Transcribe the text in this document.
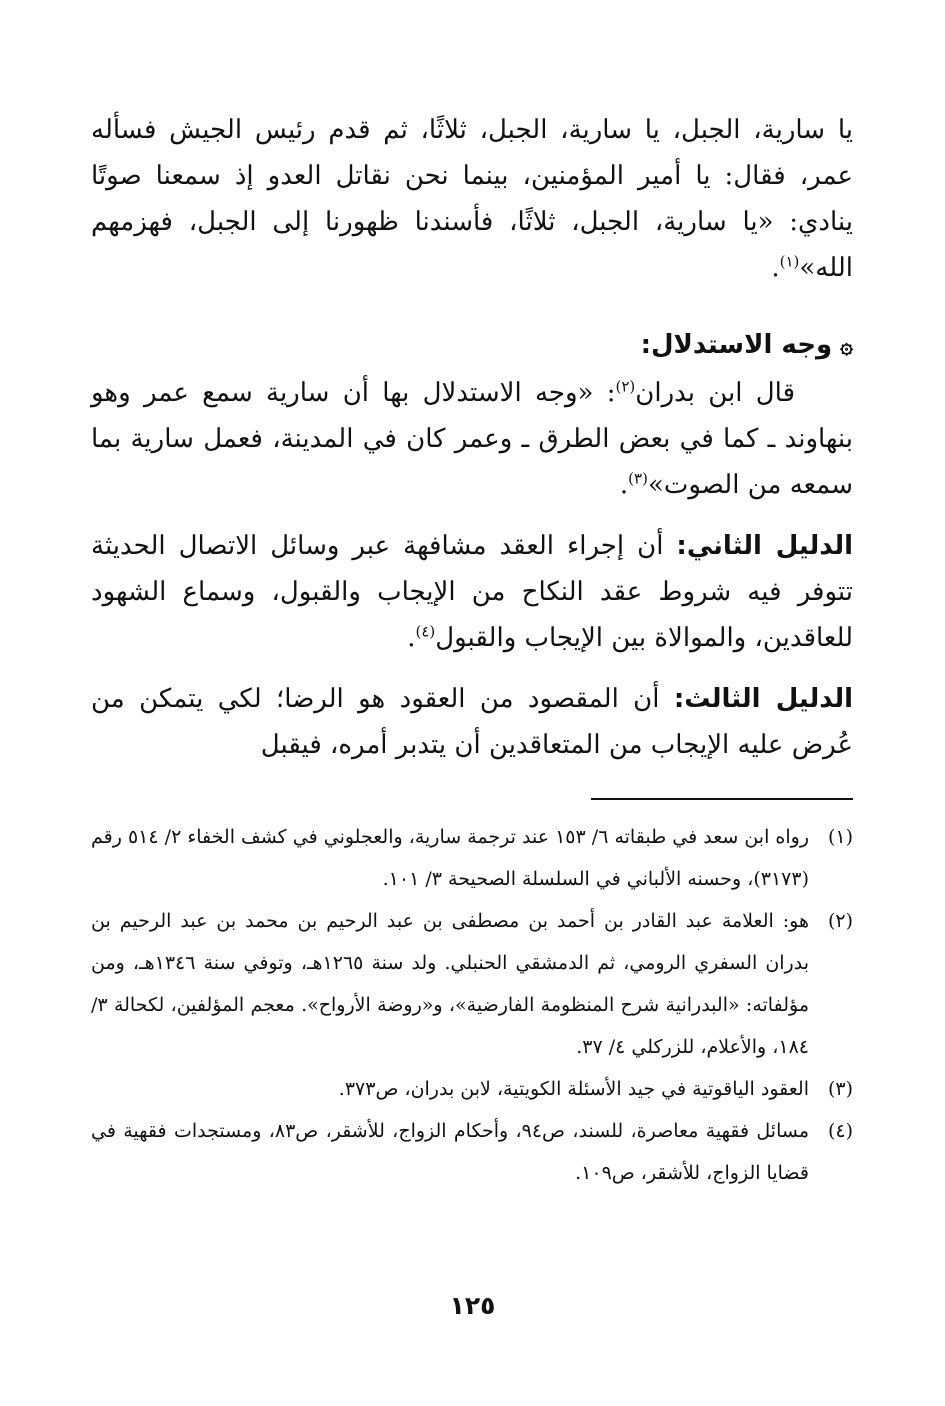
يا سارية، الجبل، يا سارية، الجبل، ثلاثًا، ثم قدم رئيس الجيش فسأله عمر، فقال: يا أمير المؤمنين، بينما نحن نقاتل العدو إذ سمعنا صوتًا ينادي: «يا سارية، الجبل، ثلاثًا، فأسندنا ظهورنا إلى الجبل، فهزمهم الله»$^{(١)}$.

۞وجه الاستدلال:

قال ابن بدران$^{(٢)}$: «وجه الاستدلال بها أن سارية سمع عمر وهو بنهاوند ـ كما في بعض الطرق ـ وعمر كان في المدينة، فعمل سارية بما سمعه من الصوت»$^{(٣)}$.

الدليل الثاني: أن إجراء العقد مشافهة عبر وسائل الاتصال الحديثة تتوفر فيه شروط عقد النكاح من الإيجاب والقبول، وسماع الشهود للعاقدين، والموالاة بين الإيجاب والقبول$^{(٤)}$.

الدليل الثالث: أن المقصود من العقود هو الرضا؛ لكي يتمكن من عُرض عليه الإيجاب من المتعاقدين أن يتدبر أمره، فيقبل

(١)
رواه ابن سعد في طبقاته ٦/ ١٥٣ عند ترجمة سارية، والعجلوني في كشف الخفاء ٢/ ٥١٤ رقم (٣١٧٣)، وحسنه الألباني في السلسلة الصحيحة ٣/ ١٠١.
(٢)
هو: العلامة عبد القادر بن أحمد بن مصطفى بن عبد الرحيم بن محمد بن عبد الرحيم بن بدران السفري الرومي، ثم الدمشقي الحنبلي. ولد سنة ١٢٦٥هـ، وتوفي سنة ١٣٤٦هـ، ومن مؤلفاته: «البدرانية شرح المنظومة الفارضية»، و«روضة الأرواح». معجم المؤلفين، لكحالة ٣/ ١٨٤، والأعلام، للزركلي ٤/ ٣٧.
(٣)
العقود الياقوتية في جيد الأسئلة الكويتية، لابن بدران، ص٣٧٣.
(٤)
مسائل فقهية معاصرة، للسند، ص٩٤، وأحكام الزواج، للأشقر، ص٨٣، ومستجدات فقهية في قضايا الزواج، للأشقر، ص١٠٩.

١٢٥
